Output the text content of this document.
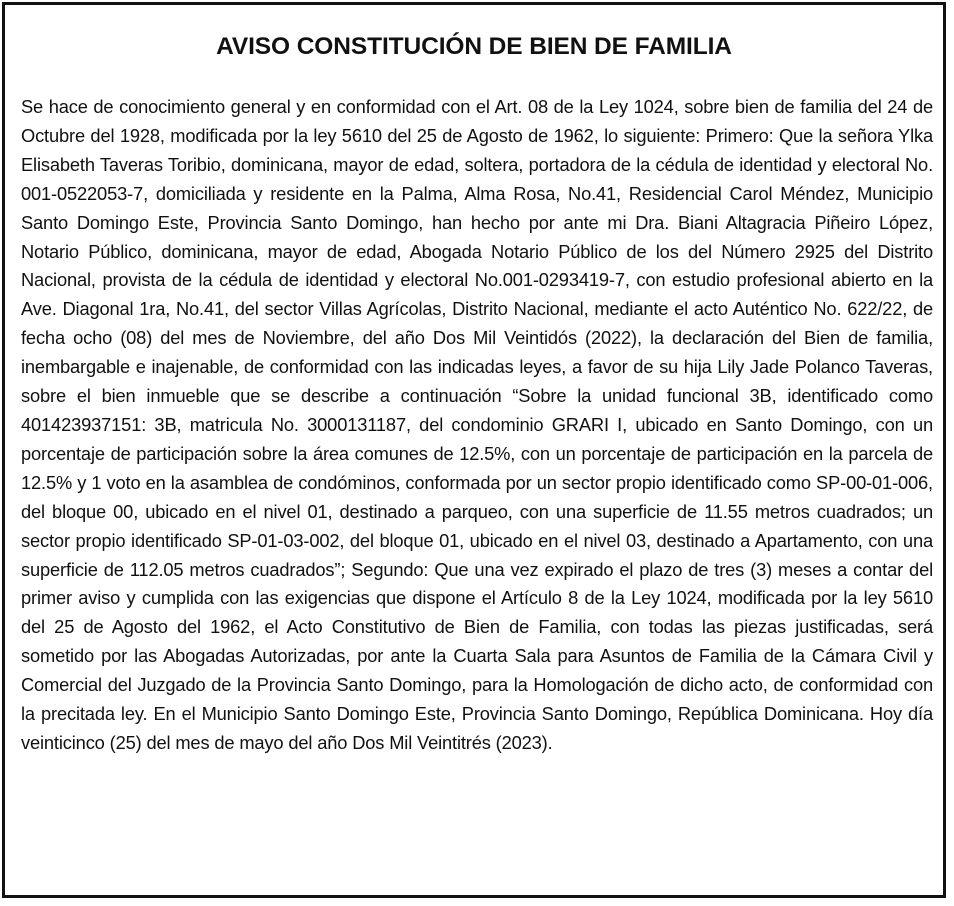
AVISO CONSTITUCIÓN DE BIEN DE FAMILIA

Se hace de conocimiento general y en conformidad con el Art. 08 de la Ley 1024, sobre bien de familia del 24 de Octubre del 1928, modificada por la ley 5610 del 25 de Agosto de 1962, lo siguiente: Primero: Que la señora Ylka Elisabeth Taveras Toribio, dominicana, mayor de edad, soltera, portadora de la cédula de identidad y electoral No. 001-0522053-7, domiciliada y residente en la Palma, Alma Rosa, No.41, Residencial Carol Méndez, Municipio Santo Domingo Este, Provincia Santo Domingo, han hecho por ante mi Dra. Biani Altagracia Piñeiro López, Notario Público, dominicana, mayor de edad, Abogada Notario Público de los del Número 2925 del Distrito Nacional, provista de la cédula de identidad y electoral No.001-0293419-7, con estudio profesional abierto en la Ave. Diagonal 1ra, No.41, del sector Villas Agrícolas, Distrito Nacional, mediante el acto Auténtico No. 622/22, de fecha ocho (08) del mes de Noviembre, del año Dos Mil Veintidós (2022), la declaración del Bien de familia, inembargable e inajenable, de conformidad con las indicadas leyes, a favor de su hija Lily Jade Polanco Taveras, sobre el bien inmueble que se describe a continuación “Sobre la unidad funcional 3B, identificado como 401423937151: 3B, matricula No. 3000131187, del condominio GRARI I, ubicado en Santo Domingo, con un porcentaje de participación sobre la área comunes de 12.5%, con un porcentaje de participación en la parcela de 12.5% y 1 voto en la asamblea de condóminos, conformada por un sector propio identificado como SP-00-01-006, del bloque 00, ubicado en el nivel 01, destinado a parqueo, con una superficie de 11.55 metros cuadrados; un sector propio identificado SP-01-03-002, del bloque 01, ubicado en el nivel 03, destinado a Apartamento, con una superficie de 112.05 metros cuadrados”; Segundo: Que una vez expirado el plazo de tres (3) meses a contar del primer aviso y cumplida con las exigencias que dispone el Artículo 8 de la Ley 1024, modificada por la ley 5610 del 25 de Agosto del 1962, el Acto Constitutivo de Bien de Familia, con todas las piezas justificadas, será sometido por las Abogadas Autorizadas, por ante la Cuarta Sala para Asuntos de Familia de la Cámara Civil y Comercial del Juzgado de la Provincia Santo Domingo, para la Homologación de dicho acto, de conformidad con la precitada ley. En el Municipio Santo Domingo Este, Provincia Santo Domingo, República Dominicana. Hoy día veinticinco (25) del mes de mayo del año Dos Mil Veintitrés (2023).
